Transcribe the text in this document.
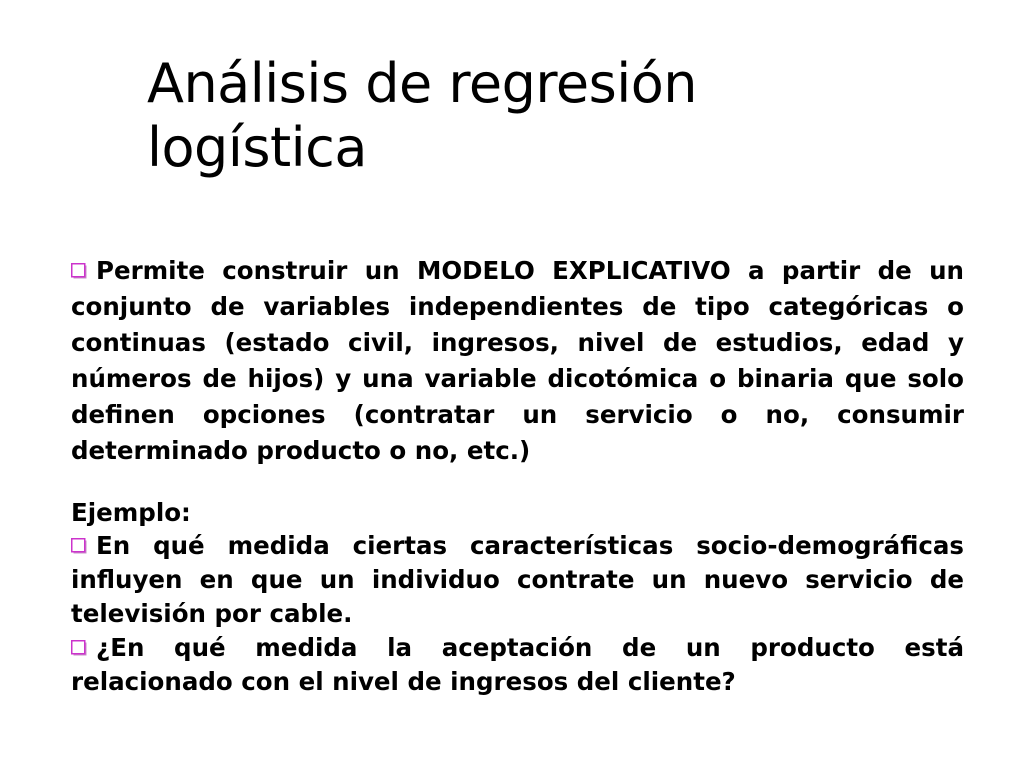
Análisis de regresión logística

Permite construir un MODELO EXPLICATIVO a partir de un conjunto de variables independientes de tipo categóricas o continuas (estado civil, ingresos, nivel de estudios, edad y números de hijos) y una variable dicotómica o binaria que solo definen opciones (contratar un servicio o no, consumir determinado producto o no, etc.)

Ejemplo:

En qué medida ciertas características socio-demográficas influyen en que un individuo contrate un nuevo servicio de televisión por cable.

¿En qué medida la aceptación de un producto está relacionado con el nivel de ingresos del cliente?
